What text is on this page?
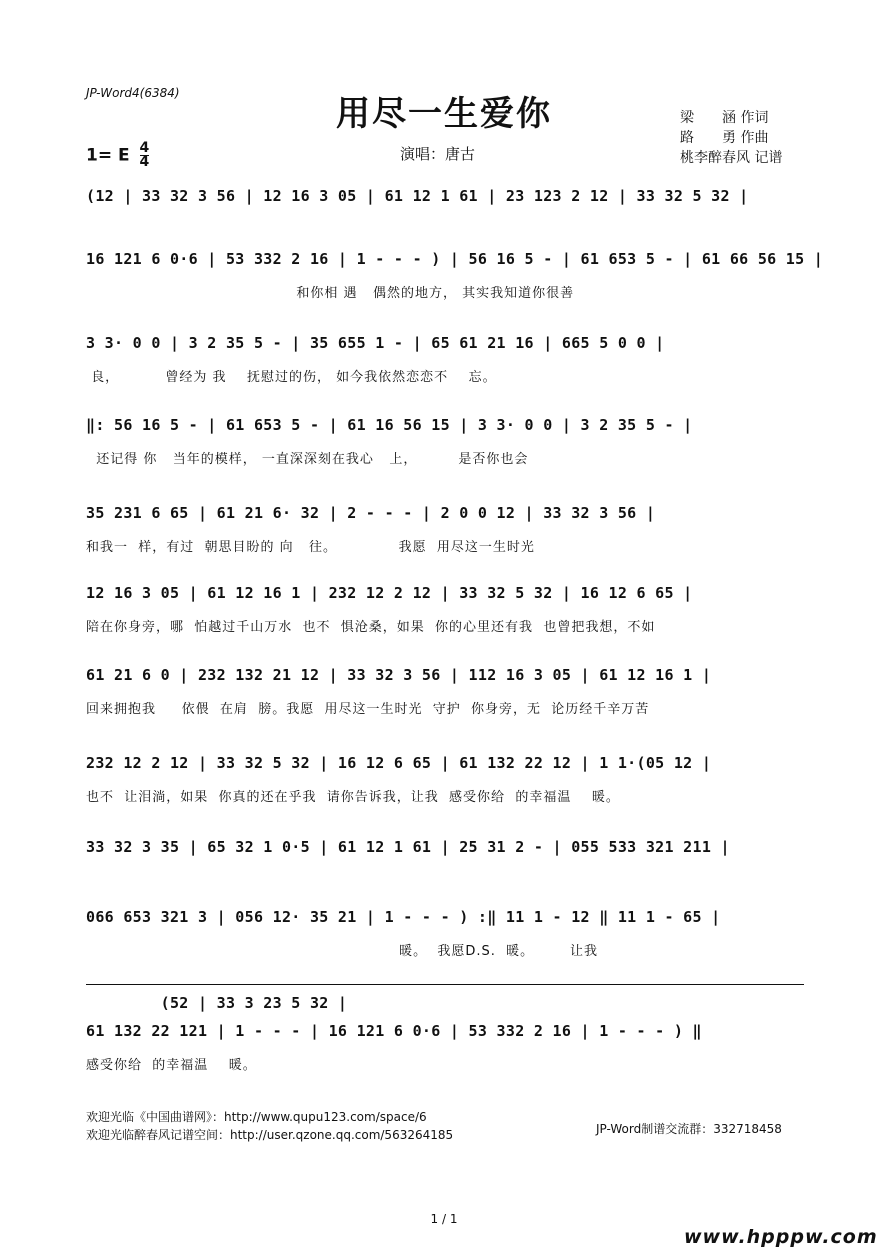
JP-Word4(6384)
用尽一生爱你
1= E $\frac{4}{4}$	演唱：唐古
梁　　涵 作词
路　　勇 作曲
桃李醉春风 记谱
(12 | 33 32 3 56 | 12 16 3 05 | 61 12 1 61 | 23 123 2 12 | 33 32 5 32 |
16 121 6 0·6 | 53 332 2 16 | 1 - - - ) | 56 16 5 - | 61 653 5 - | 61 66 56 15 |
和你相 遇   偶然的地方， 其实我知道你很善
3 3· 0 0 | 3 2 35 5 - | 35 655 1 - | 65 61 21 16 | 665 5 0 0 |
良，         曾经为 我    抚慰过的伤， 如今我依然恋恋不    忘。
‖: 56 16 5 - | 61 653 5 - | 61 16 56 15 | 3 3· 0 0 | 3 2 35 5 - |
还记得 你   当年的模样， 一直深深刻在我心   上，        是否你也会
35 231 6 65 | 61 21 6· 32 | 2 - - - | 2 0 0 12 | 33 32 3 56 |
和我一  样，有过  朝思目盼的 向   往。            我愿  用尽这一生时光
12 16 3 05 | 61 12 16 1 | 232 12 2 12 | 33 32 5 32 | 16 12 6 65 |
陪在你身旁，哪  怕越过千山万水  也不  惧沧桑，如果  你的心里还有我  也曾把我想，不如
61 21 6 0 | 232 132 21 12 | 33 32 3 56 | 112 16 3 05 | 61 12 16 1 |
回来拥抱我     依偎  在肩  膀。我愿  用尽这一生时光  守护  你身旁，无  论历经千辛万苦
232 12 2 12 | 33 32 5 32 | 16 12 6 65 | 61 132 22 12 | 1 1·(05 12 |
也不  让泪淌，如果  你真的还在乎我  请你告诉我，让我  感受你给  的幸福温    暖。
33 32 3 35 | 65 32 1 0·5 | 61 12 1 61 | 25 31 2 - | 055 533 321 211 |
066 653 321 3 | 056 12· 35 21 | 1 - - - ) :‖ 11 1 - 12 ‖ 11 1 - 65 |
暖。  我愿D.S.  暖。       让我
(52 | 33 3 23 5 32 |
61 132 22 121 | 1 - - - | 16 121 6 0·6 | 53 332 2 16 | 1 - - - ) ‖
感受你给  的幸福温    暖。
欢迎光临《中国曲谱网》：http://www.qupu123.com/space/6
欢迎光临醉春风记谱空间：http://user.qzone.qq.com/563264185	JP-Word制谱交流群：332718458
1 / 1
www.hpppw.com
